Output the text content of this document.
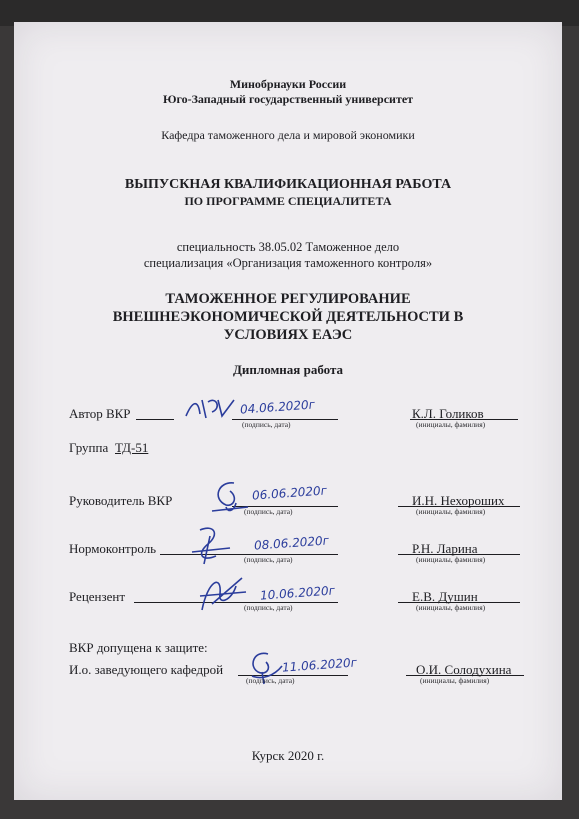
Минобрнауки России
Юго-Западный государственный университет
Кафедра таможенного дела и мировой экономики
ВЫПУСКНАЯ КВАЛИФИКАЦИОННАЯ РАБОТА
ПО ПРОГРАММЕ СПЕЦИАЛИТЕТА
специальность 38.05.02 Таможенное дело
специализация «Организация таможенного контроля»
ТАМОЖЕННОЕ РЕГУЛИРОВАНИЕ
ВНЕШНЕЭКОНОМИЧЕСКОЙ ДЕЯТЕЛЬНОСТИ В
УСЛОВИЯХ ЕАЭС
Дипломная работа
Автор ВКР	04.06.2020г
(подпись, дата)
К.Л. Голиков
(инициалы, фамилия)
Группа ТД-51
Руководитель ВКР	06.06.2020г
(подпись, дата)
И.Н. Нехороших
(инициалы, фамилия)
Нормоконтроль	08.06.2020г
(подпись, дата)
Р.Н. Ларина
(инициалы, фамилия)
Рецензент	10.06.2020г
(подпись, дата)
Е.В. Душин
(инициалы, фамилия)
ВКР допущена к защите:
И.о. заведующего кафедрой	11.06.2020г
(подпись, дата)
О.И. Солодухина
(инициалы, фамилия)
Курск 2020 г.
